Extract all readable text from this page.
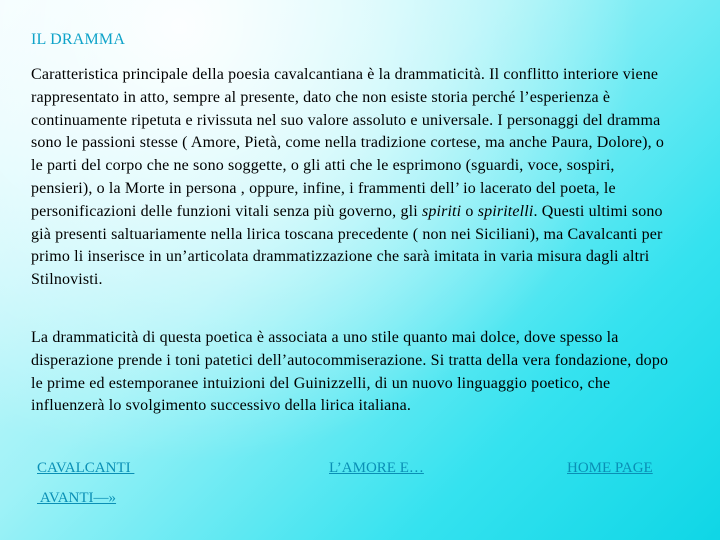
IL DRAMMA

Caratteristica principale della poesia cavalcantiana è la drammaticità. Il conflitto interiore viene rappresentato in atto, sempre al presente, dato che non esiste storia perché l’esperienza è continuamente ripetuta e rivissuta nel suo valore assoluto e universale. I personaggi del dramma sono le passioni stesse ( Amore, Pietà, come nella tradizione cortese, ma anche Paura, Dolore), o le parti del corpo che ne sono soggette, o gli atti che le esprimono (sguardi, voce, sospiri, pensieri), o la Morte in persona , oppure, infine, i frammenti dell’ io lacerato del poeta, le personificazioni delle funzioni vitali senza più governo, gli spiriti o spiritelli. Questi ultimi sono già presenti saltuariamente nella lirica toscana precedente ( non nei Siciliani), ma Cavalcanti per primo li inserisce in un’articolata drammatizzazione che sarà imitata in varia misura dagli altri Stilnovisti.

La drammaticità di questa poetica è associata a uno stile quanto mai dolce, dove spesso la disperazione prende i toni patetici dell’autocommiserazione. Si tratta della vera fondazione, dopo le prime ed estemporanee intuizioni del Guinizzelli, di un nuovo linguaggio poetico, che influenzerà lo svolgimento successivo della lirica italiana.

CAVALCANTI	L’AMORE E…	HOME PAGE
AVANTI—»
